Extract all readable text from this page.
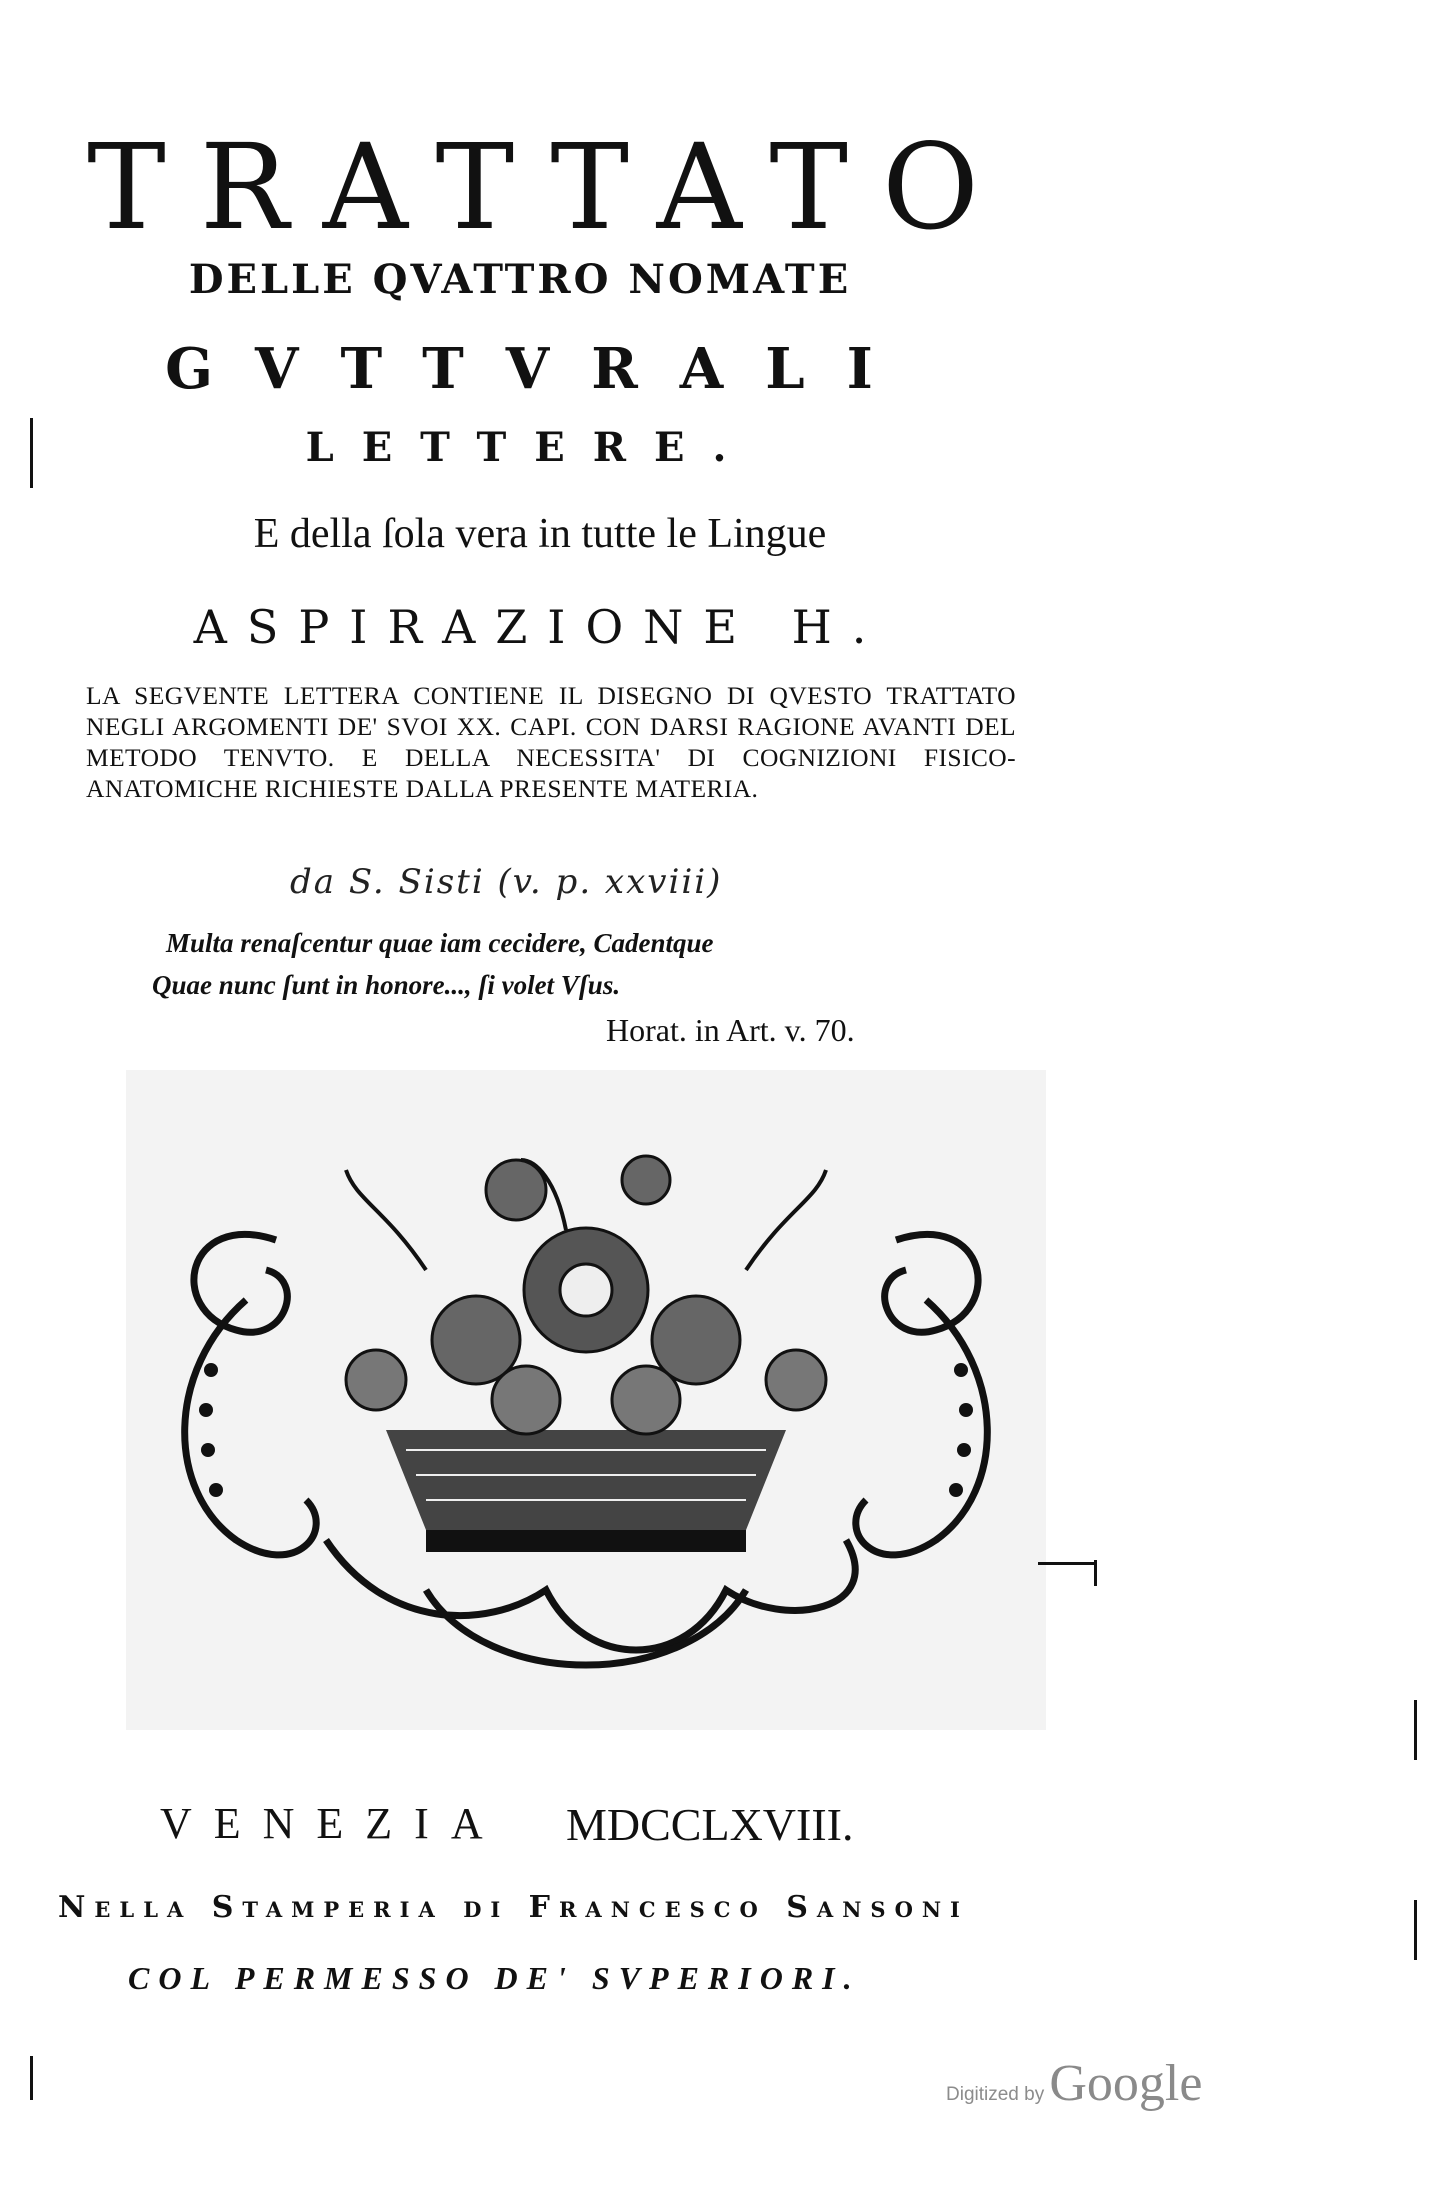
TRATTATO
DELLE QVATTRO NOMATE
GVTTVRALI
LETTERE.
E della ſola vera in tutte le Lingue
ASPIRAZIONE H.
LA SEGVENTE LETTERA CONTIENE IL DISEGNO DI QVESTO TRATTATO NEGLI ARGOMENTI DE' SVOI XX. CAPI. CON DARSI RAGIONE AVANTI DEL METODO TENVTO. E DELLA NECESSITA' DI COGNIZIONI FISICO-ANATOMICHE RICHIESTE DALLA PRESENTE MATERIA.
da S. Sisti (v. p. xxviii)
Multa renaſcentur quae iam cecidere, Cadentque
Quae nunc ſunt in honore..., ſi volet Vſus.
Horat. in Art. v. 70.
VENEZIA MDCCLXVIII.
Nella Stamperia di Francesco Sansoni
COL PERMESSO DE' SVPERIORI.
Digitized by Google
